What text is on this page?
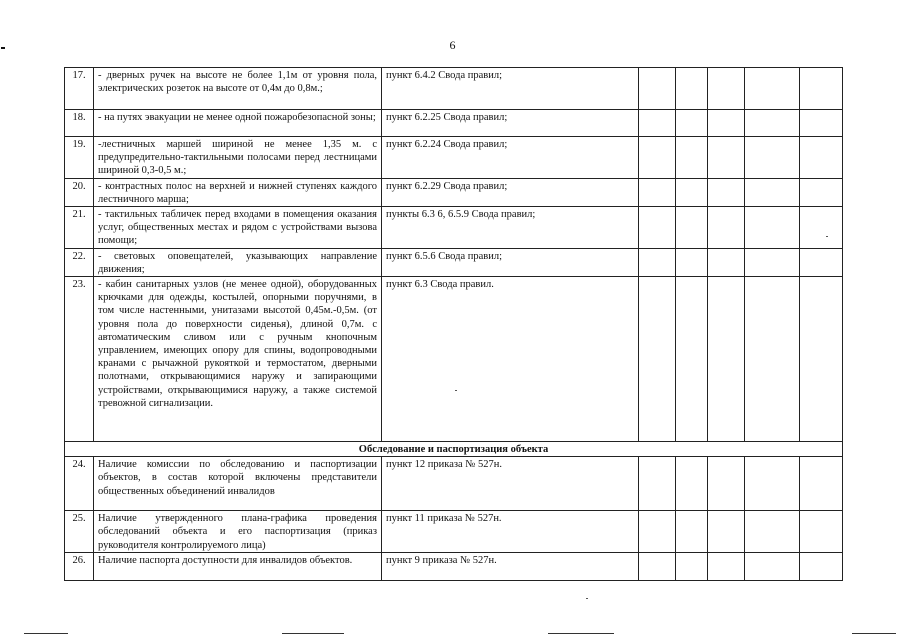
6
17.	- дверных ручек на высоте не более 1,1м от уровня пола, электрических розеток на высоте от 0,4м до 0,8м.;	пункт 6.4.2 Свода правил;					
18.	- на путях эвакуации не менее одной пожаробезопасной зоны;	пункт 6.2.25 Свода правил;					
19.	-лестничных маршей шириной не менее 1,35 м. с предупредительно-тактильными полосами перед лестницами шириной 0,3-0,5 м.;	пункт 6.2.24 Свода правил;					
20.	- контрастных полос на верхней и нижней ступенях каждого лестничного марша;	пункт 6.2.29 Свода правил;					
21.	- тактильных табличек перед входами в помещения оказания услуг, общественных местах и рядом с устройствами вызова помощи;	пункты 6.3 6, 6.5.9 Свода правил;					
22.	- световых оповещателей, указывающих направление движения;	пункт 6.5.6 Свода правил;					
23.	- кабин санитарных узлов (не менее одной), оборудованных крючками для одежды, костылей, опорными поручнями, в том числе настенными, унитазами высотой 0,45м.-0,5м. (от уровня пола до поверхности сиденья), длиной 0,7м. с автоматическим сливом или с ручным кнопочным управлением, имеющих опору для спины, водопроводными кранами с рычажной рукояткой и термостатом, дверными полотнами, открывающимися наружу и запирающими устройствами, открывающимися наружу, а также системой тревожной сигнализации.	пункт 6.3 Свода правил.					
Обследование и паспортизация объекта							
24.	Наличие комиссии по обследованию и паспортизации объектов, в состав которой включены представители общественных объединений инвалидов	пункт 12 приказа № 527н.					
25.	Наличие утвержденного плана-графика проведения обследований объекта и его паспортизация (приказ руководителя контролируемого лица)	пункт 11 приказа № 527н.					
26.	Наличие паспорта доступности для инвалидов объектов.	пункт 9 приказа № 527н.					
